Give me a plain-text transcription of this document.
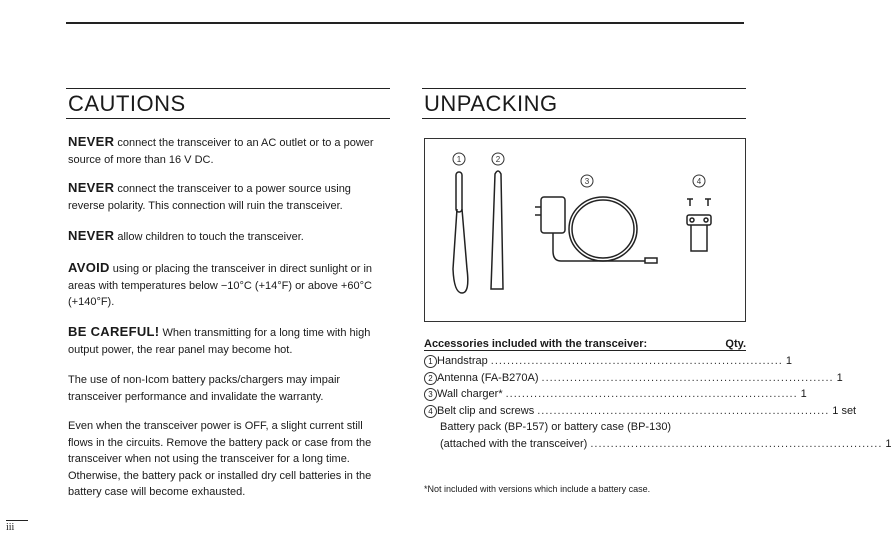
CAUTIONS

NEVER connect the transceiver to an AC outlet or to a power source of more than 16 V DC.

NEVER connect the transceiver to a power source using reverse polarity. This connection will ruin the transceiver.

NEVER allow children to touch the transceiver.

AVOID using or placing the transceiver in direct sunlight or in areas with temperatures below −10°C (+14°F) or above +60°C (+140°F).

BE CAREFUL! When transmitting for a long time with high output power, the rear panel may become hot.

The use of non-Icom battery packs/chargers may impair transceiver performance and invalidate the warranty.

Even when the transceiver power is OFF, a slight current still flows in the circuits. Remove the battery pack or case from the transceiver when not using the transceiver for a long time. Otherwise, the battery pack or installed dry cell batteries in the battery case will become exhausted.

iii
UNPACKING
1	2
3	4
Accessories included with the transceiver:	Qty.
1 Handstrap ........................................................................ 1
2 Antenna (FA-B270A) ........................................................................ 1
3 Wall charger* ........................................................................ 1
4 Belt clip and screws ........................................................................ 1 set
Battery pack (BP-157) or battery case (BP-130)
(attached with the transceiver) ........................................................................ 1
*Not included with versions which include a battery case.
